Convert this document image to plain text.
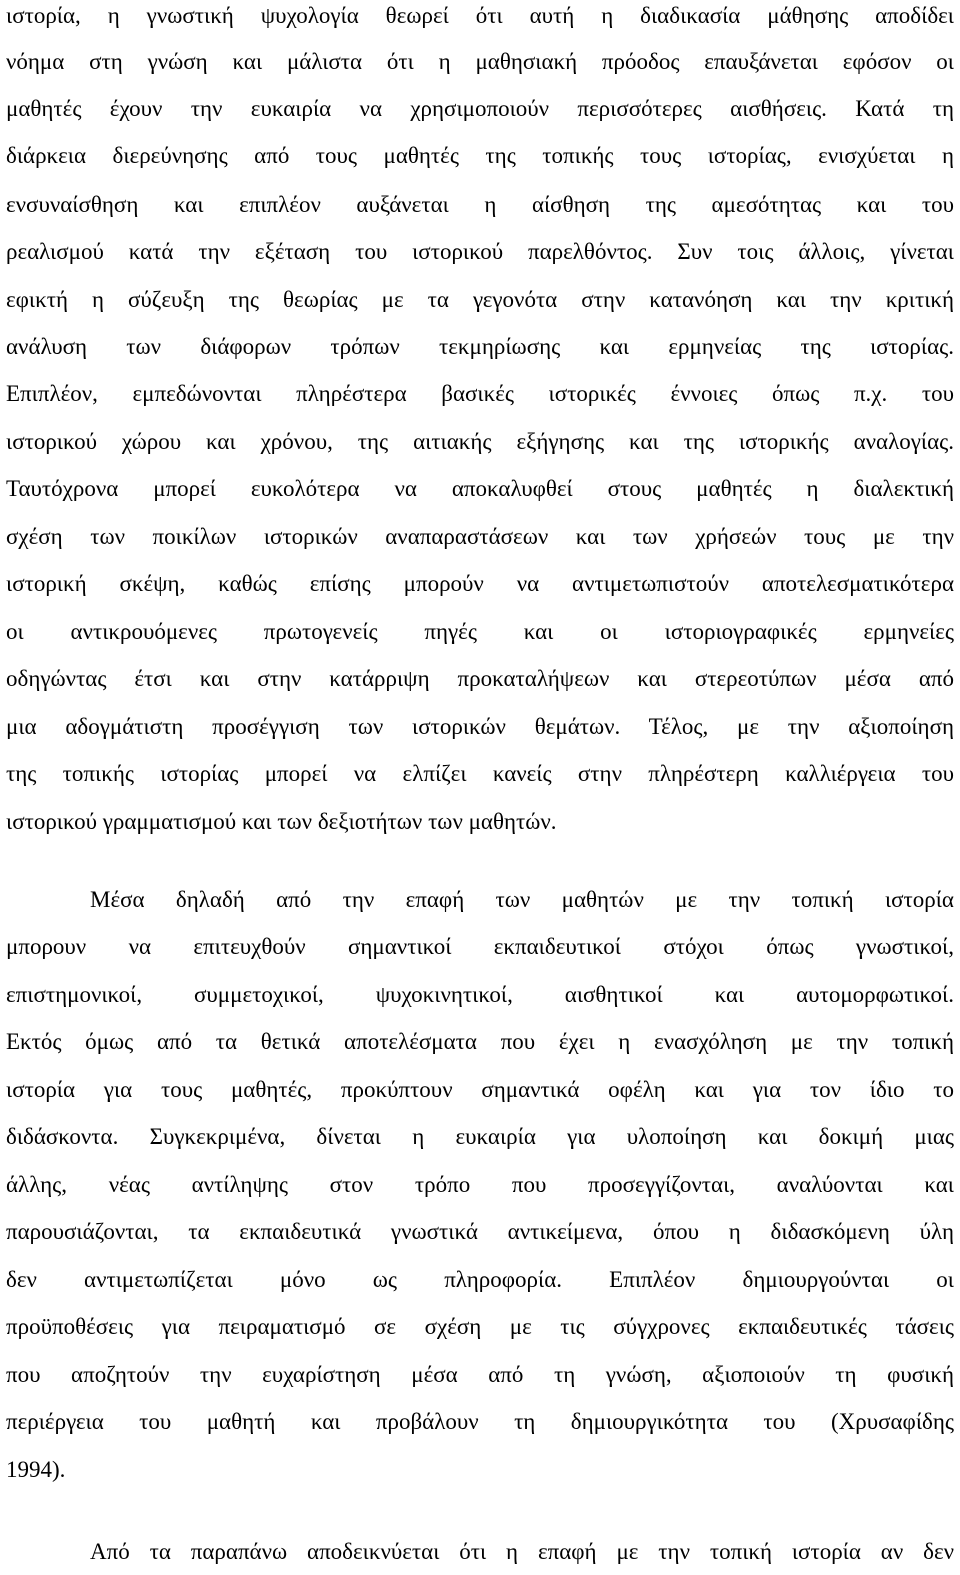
ιστορία, η γνωστική ψυχολογία θεωρεί ότι αυτή η διαδικασία μάθησης αποδίδει
νόημα στη γνώση και μάλιστα ότι η μαθησιακή πρόοδος επαυξάνεται εφόσον οι
μαθητές έχουν την ευκαιρία να χρησιμοποιούν περισσότερες αισθήσεις. Κατά τη
διάρκεια διερεύνησης από τους μαθητές της τοπικής τους ιστορίας, ενισχύεται η
ενσυναίσθηση και επιπλέον αυξάνεται η αίσθηση της αμεσότητας και του
ρεαλισμού κατά την εξέταση του ιστορικού παρελθόντος. Συν τοις άλλοις, γίνεται
εφικτή η σύζευξη της θεωρίας με τα γεγονότα στην κατανόηση και την κριτική
ανάλυση των διάφορων τρόπων τεκμηρίωσης και ερμηνείας της ιστορίας.
Επιπλέον, εμπεδώνονται πληρέστερα βασικές ιστορικές έννοιες όπως π.χ. του
ιστορικού χώρου και χρόνου, της αιτιακής εξήγησης και της ιστορικής αναλογίας.
Ταυτόχρονα μπορεί ευκολότερα να αποκαλυφθεί στους μαθητές η διαλεκτική
σχέση των ποικίλων ιστορικών αναπαραστάσεων και των χρήσεών τους με την
ιστορική σκέψη, καθώς επίσης μπορούν να αντιμετωπιστούν αποτελεσματικότερα
οι αντικρουόμενες πρωτογενείς πηγές και οι ιστοριογραφικές ερμηνείες
οδηγώντας έτσι και στην κατάρριψη προκαταλήψεων και στερεοτύπων μέσα από
μια αδογμάτιστη προσέγγιση των ιστορικών θεμάτων. Τέλος, με την αξιοποίηση
της τοπικής ιστορίας μπορεί να ελπίζει κανείς στην πληρέστερη καλλιέργεια του
ιστορικού γραμματισμού και των δεξιοτήτων των μαθητών.
Μέσα δηλαδή από την επαφή των μαθητών με την τοπική ιστορία
μπορουν να επιτευχθούν σημαντικοί εκπαιδευτικοί στόχοι όπως γνωστικοί,
επιστημονικοί, συμμετοχικοί, ψυχοκινητικοί, αισθητικοί και αυτομορφωτικοί.
Εκτός όμως από τα θετικά αποτελέσματα που έχει η ενασχόληση με την τοπική
ιστορία για τους μαθητές, προκύπτουν σημαντικά οφέλη και για τον ίδιο το
διδάσκοντα. Συγκεκριμένα, δίνεται η ευκαιρία για υλοποίηση και δοκιμή μιας
άλλης, νέας αντίληψης στον τρόπο που προσεγγίζονται, αναλύονται και
παρουσιάζονται, τα εκπαιδευτικά γνωστικά αντικείμενα, όπου η διδασκόμενη ύλη
δεν αντιμετωπίζεται μόνο ως πληροφορία. Επιπλέον δημιουργούνται οι
προϋποθέσεις για πειραματισμό σε σχέση με τις σύγχρονες εκπαιδευτικές τάσεις
που αποζητούν την ευχαρίστηση μέσα από τη γνώση, αξιοποιούν τη φυσική
περιέργεια του μαθητή και προβάλουν τη δημιουργικότητα του (Χρυσαφίδης
1994).
Από τα παραπάνω αποδεικνύεται ότι η επαφή με την τοπική ιστορία αν δεν
